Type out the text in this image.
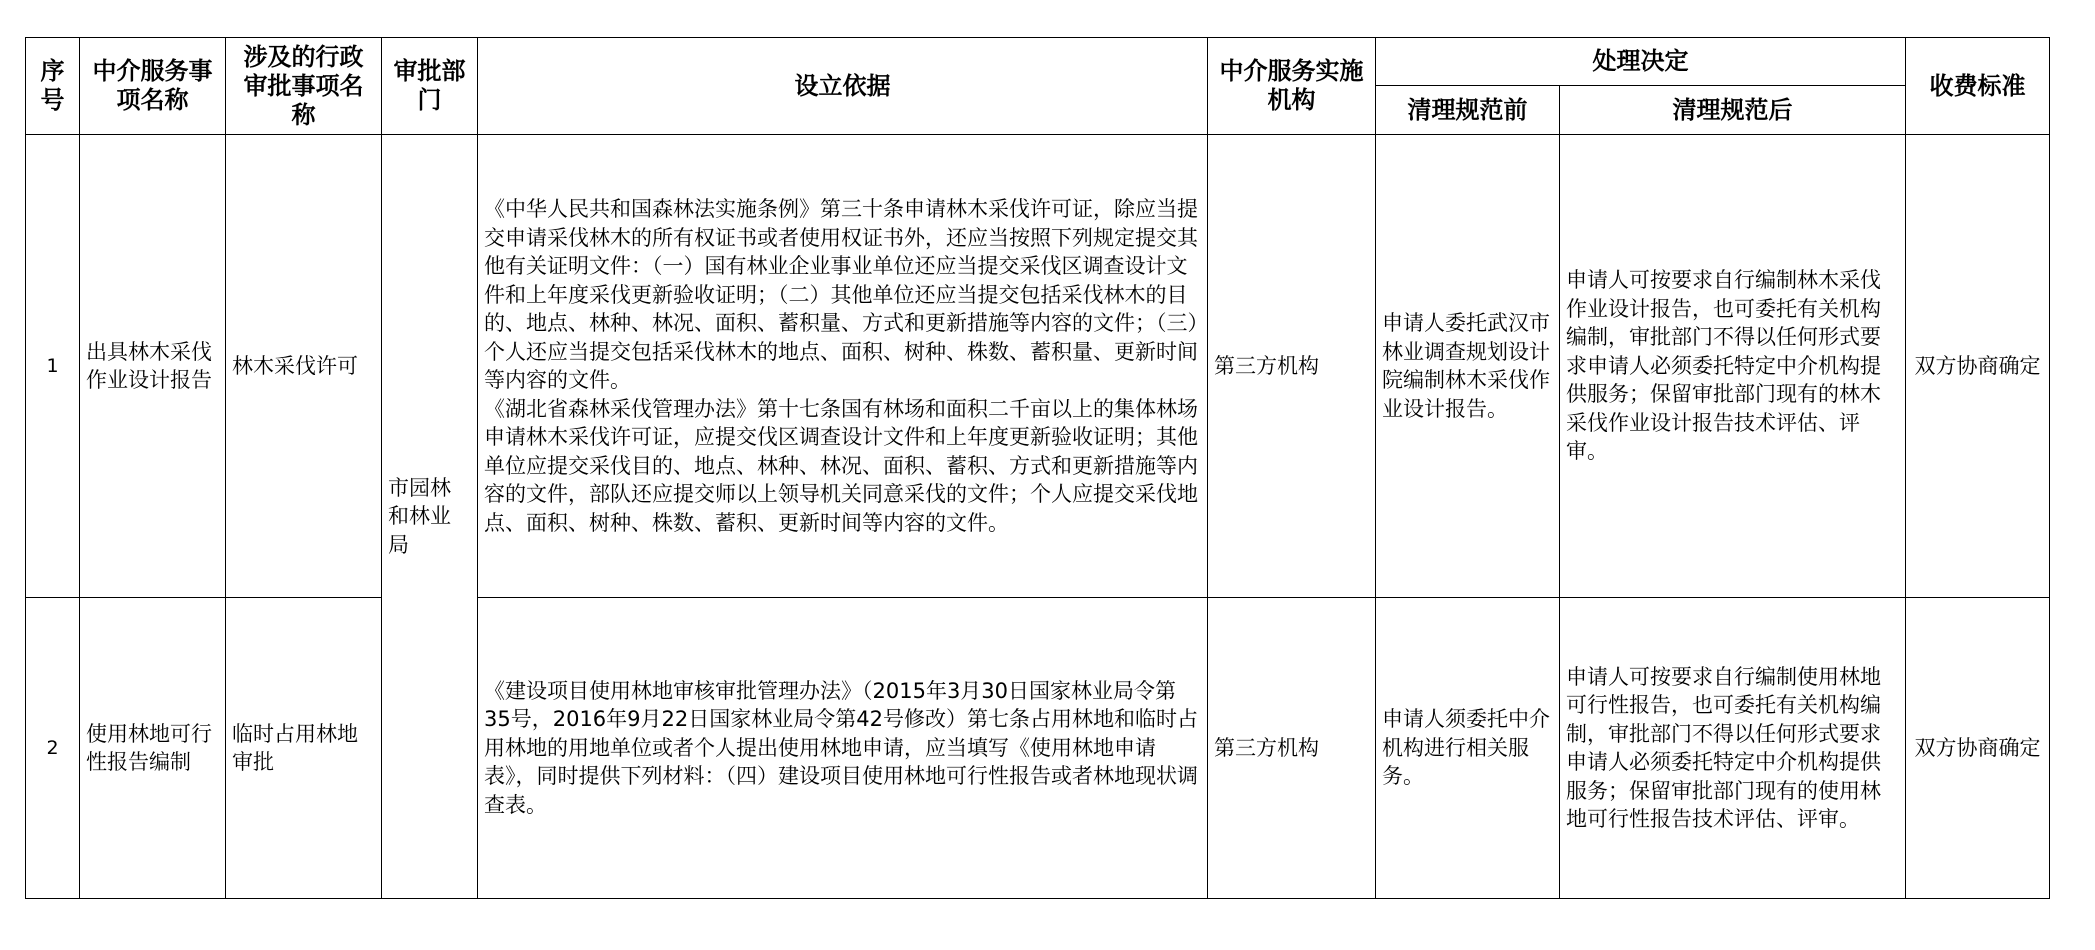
序号	中介服务事项名称	涉及的行政审批事项名称	审批部门	设立依据	中介服务实施机构	处理决定		收费标准
						清理规范前	清理规范后	
1	出具林木采伐作业设计报告	林木采伐许可	市园林和林业局	《中华人民共和国森林法实施条例》第三十条申请林木采伐许可证，除应当提交申请采伐林木的所有权证书或者使用权证书外，还应当按照下列规定提交其他有关证明文件：（一）国有林业企业事业单位还应当提交采伐区调查设计文件和上年度采伐更新验收证明；（二）其他单位还应当提交包括采伐林木的目的、地点、林种、林况、面积、蓄积量、方式和更新措施等内容的文件；（三）个人还应当提交包括采伐林木的地点、面积、树种、株数、蓄积量、更新时间等内容的文件。
《湖北省森林采伐管理办法》第十七条国有林场和面积二千亩以上的集体林场申请林木采伐许可证，应提交伐区调查设计文件和上年度更新验收证明；其他单位应提交采伐目的、地点、林种、林况、面积、蓄积、方式和更新措施等内容的文件，部队还应提交师以上领导机关同意采伐的文件；个人应提交采伐地点、面积、树种、株数、蓄积、更新时间等内容的文件。	第三方机构	申请人委托武汉市林业调查规划设计院编制林木采伐作业设计报告。	申请人可按要求自行编制林木采伐作业设计报告，也可委托有关机构编制，审批部门不得以任何形式要求申请人必须委托特定中介机构提供服务；保留审批部门现有的林木采伐作业设计报告技术评估、评审。	双方协商确定
2	使用林地可行性报告编制	临时占用林地审批		《建设项目使用林地审核审批管理办法》（2015年3月30日国家林业局令第35号，2016年9月22日国家林业局令第42号修改）第七条占用林地和临时占用林地的用地单位或者个人提出使用林地申请，应当填写《使用林地申请表》，同时提供下列材料：（四）建设项目使用林地可行性报告或者林地现状调查表。	第三方机构	申请人须委托中介机构进行相关服务。	申请人可按要求自行编制使用林地可行性报告，也可委托有关机构编制，审批部门不得以任何形式要求申请人必须委托特定中介机构提供服务；保留审批部门现有的使用林地可行性报告技术评估、评审。	双方协商确定
